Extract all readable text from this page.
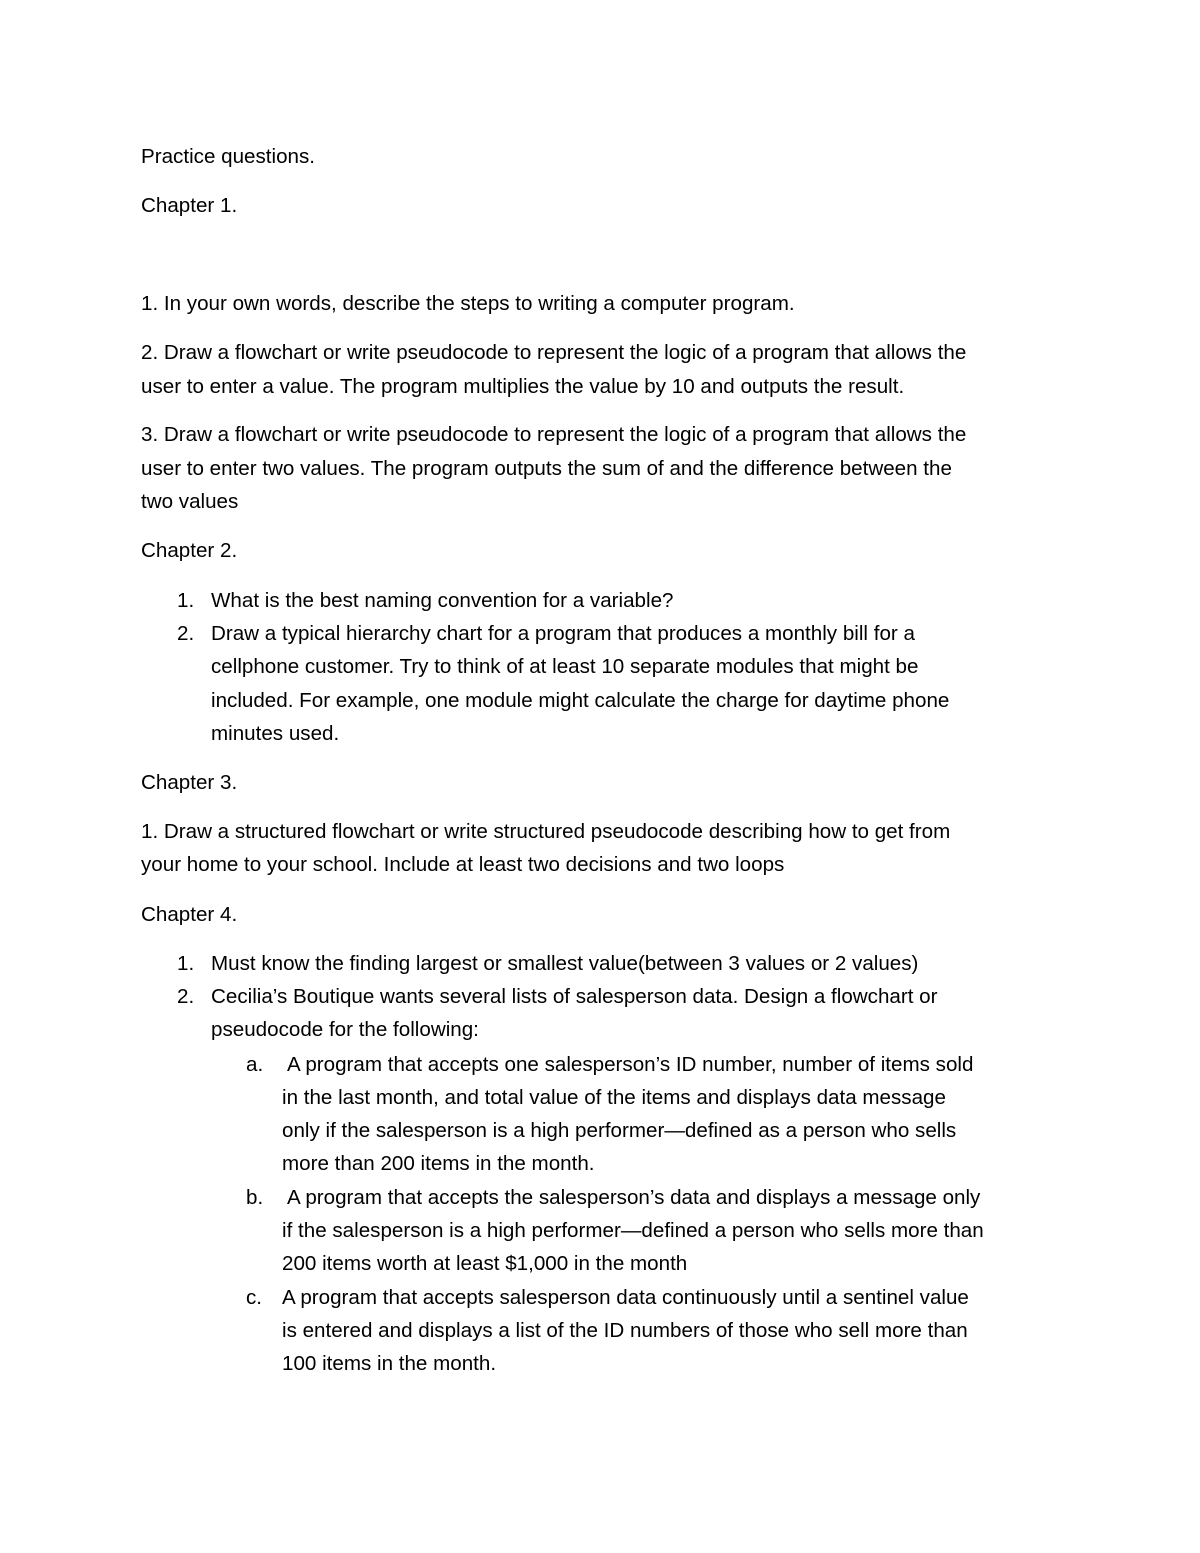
Practice questions.
Chapter 1.
1. In your own words, describe the steps to writing a computer program.
2. Draw a flowchart or write pseudocode to represent the logic of a program that allows the
user to enter a value. The program multiplies the value by 10 and outputs the result.
3. Draw a flowchart or write pseudocode to represent the logic of a program that allows the
user to enter two values. The program outputs the sum of and the difference between the
two values
Chapter 2.
1. What is the best naming convention for a variable?
2. Draw a typical hierarchy chart for a program that produces a monthly bill for a
cellphone customer. Try to think of at least 10 separate modules that might be
included. For example, one module might calculate the charge for daytime phone
minutes used.
Chapter 3.
1. Draw a structured flowchart or write structured pseudocode describing how to get from
your home to your school. Include at least two decisions and two loops
Chapter 4.
1. Must know the finding largest or smallest value(between 3 values or 2 values)
2. Cecilia’s Boutique wants several lists of salesperson data. Design a flowchart or
pseudocode for the following:
a. A program that accepts one salesperson’s ID number, number of items sold
in the last month, and total value of the items and displays data message
only if the salesperson is a high performer—defined as a person who sells
more than 200 items in the month.
b. A program that accepts the salesperson’s data and displays a message only
if the salesperson is a high performer—defined a person who sells more than
200 items worth at least $1,000 in the month
c. A program that accepts salesperson data continuously until a sentinel value
is entered and displays a list of the ID numbers of those who sell more than
100 items in the month.
